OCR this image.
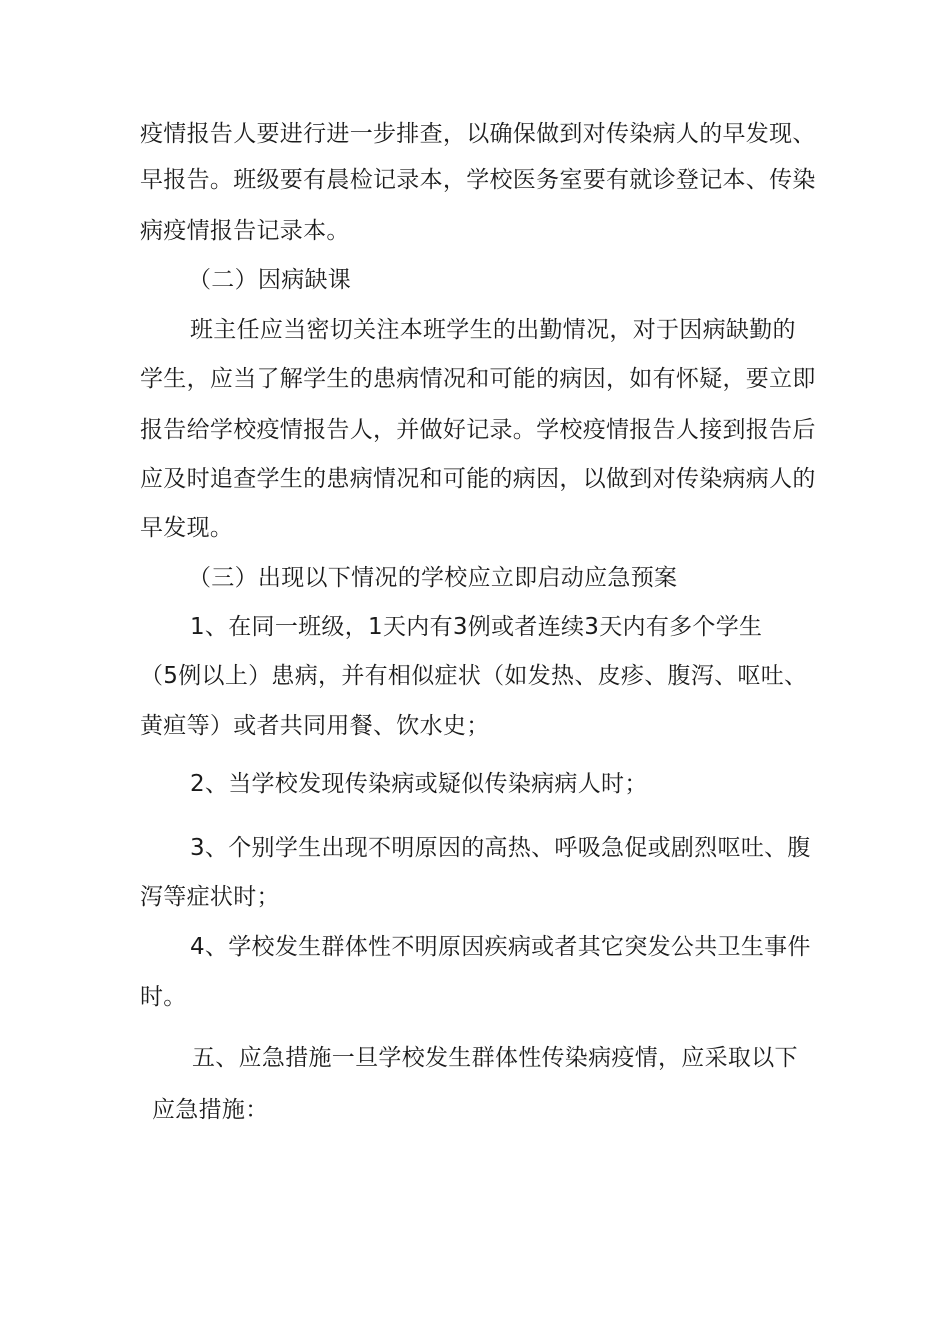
疫情报告人要进行进一步排查，以确保做到对传染病人的早发现、
早报告。班级要有晨检记录本，学校医务室要有就诊登记本、传染
病疫情报告记录本。
（二）因病缺课
班主任应当密切关注本班学生的出勤情况，对于因病缺勤的
学生，应当了解学生的患病情况和可能的病因，如有怀疑，要立即
报告给学校疫情报告人，并做好记录。学校疫情报告人接到报告后
应及时追查学生的患病情况和可能的病因，以做到对传染病病人的
早发现。
（三）出现以下情况的学校应立即启动应急预案
1、在同一班级，1天内有3例或者连续3天内有多个学生
（5例以上）患病，并有相似症状（如发热、皮疹、腹泻、呕吐、
黄疸等）或者共同用餐、饮水史；
2、当学校发现传染病或疑似传染病病人时；
3、个别学生出现不明原因的高热、呼吸急促或剧烈呕吐、腹
泻等症状时；
4、学校发生群体性不明原因疾病或者其它突发公共卫生事件
时。
五、应急措施一旦学校发生群体性传染病疫情，应采取以下
应急措施：
